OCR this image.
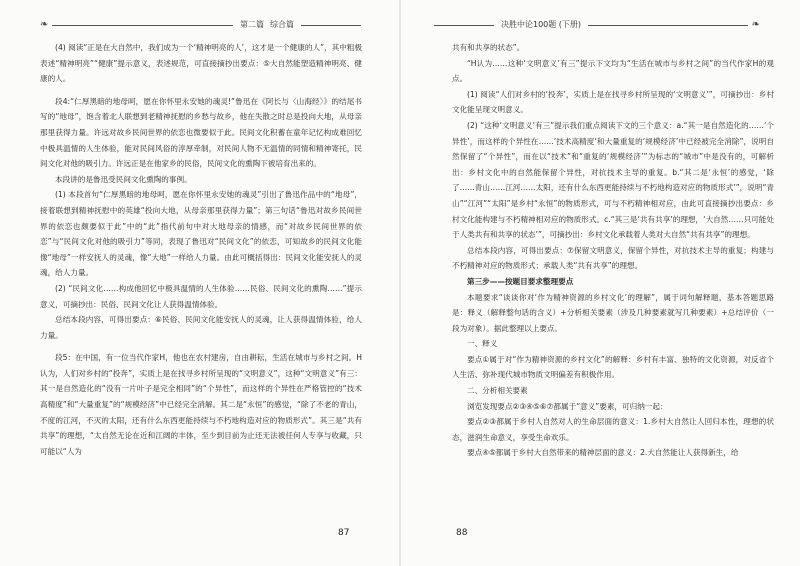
❧	第二篇 综合篇

(4) 阅读“正是在大自然中，我们成为一个‘精神明亮的人’，这才是一个健康的人”，其中粗极表述“精神明亮”“健康”提示意义，表述规范，可直接摘抄出要点：⑤大自然能塑造精神明亮、健康的人。

段4:“仁厚黑暗的地母呵，愿在你怀里永安她的魂灵!”鲁迅在《阿长与〈山海经〉》的结尾书写的“地母”，饱含着北人联想到老精神抚慰的乡愁与故乡，他在失散之时总是投向大地，从母亲那里获得力量。许远对故乡民间世界的依恋也微要似于此。民间文化积蓄在童年记忆构成难回忆中极具温情的人生体验，能对民间风俗的淳厚牵制，对民间人物不无温情的同情和精神寄托，民间文化对他的吸引力。许远正是在他家乡的民俗，民间文化的熏陶下被培育出来的。

本段讲的是鲁迅受民间文化熏陶的事例。

(1) 本段首句“仁厚黑暗的地母呵，愿在你怀里永安她的魂灵”引出了鲁迅作品中的“地母”，接着联想到精神抚慰中的英雄“投向大地，从母亲那里获得力量”；第三句话“鲁迅对故乡民间世界的依恋也颇要似于此”中的“此”指代前句中对大地母亲的情感，而“对故乡民间世界的依恋”与“民间文化对他的吸引力”等同，表现了鲁迅对“民间文化”的依恋，可知故乡的民间文化能像“地母”一样安抚人的灵魂，像“大地”一样给人力量。由此可概括得出：民间文化能安抚人的灵魂，给人力量。

(2) “民间文化……构成他回忆中极具温情的人生体验……民俗、民间文化的熏陶……”提示意义，可摘抄出：民俗、民间文化让人获得温情体验。

总结本段内容，可得出要点：⑥民俗、民间文化能安抚人的灵魂，让人获得温情体验，给人力量。

段5：在中国，有一位当代作家H，他也在农村建房，自由耕耘，生活在城市与乡村之间。H认为，人们对乡村的“投奔”，实质上是在找寻乡村所呈现的“文明意义”，这种“文明意义”有三：其一是自然造化的“没有一片叶子是完全相同”的“个异性”，而这样的个异性在严格管控的“技术高精度”和“大量重复”的“规模经济”中已经完全消解。其二是“永恒”的感觉，“除了不老的青山，不度的江河，不灭的太阳，还有什么东西更能持续与不朽地构造对应的物质形式”。其三是“共有共享”的理想，“太自然无论在近和江阔的丰体，至少到目前为止还无法被任何人专享与收藏，只可能以“人为

87
决胜中论100题 (下册)	❧

共有和共享的状态”。

“H认为……这种‘文明意义’有三”提示下文均为“生活在城市与乡村之间”的当代作家H的观点。

(1) 阅读“人们对乡村的‘投奔’，实质上是在找寻乡村所呈现的‘文明意义’”，可摘抄出：乡村文化能呈现文明意义。

(2) “这种‘文明意义’有三”提示我们重点阅读下文的三个意义：a.“其一是自然造化的……‘个异性’，而这样的个异性在……‘技术高精度’和大量重复的‘规模经济’中已经被完全消除”，说明自然保留了“个异性”，而在以“技术”和“重复的‘规模经济’”为标志的“城市”中是没有的，可解析出：乡村文化中的自然能保留个异性，对抗技术主导的重复。b.“其二是‘永恒’的感觉，‘除了……青山……江河……太阳，还有什么东西更能持续与不朽地构造对应的物质形式’”，说明“青山”“江河”“太阳”是乡村“永恒”的物质形式，可与不朽精神相对应，由此可直接摘抄出要点：乡村文化能构建与不朽精神相对应的物质形式。c.“其三是‘共有共享’的理想，‘大自然……只可能处于人类共有和共享的状态’”，可摘抄出：乡村文化承载着人类对大自然“共有共享”的理想。

总结本段内容，可得出要点：⑦保留文明意义，保留个异性，对抗技术主导的重复；构建与不朽精神对应的物质形式；承载人类“共有共享”的理想。

第三步——按题目要求整理要点

本题要求“谈谈你对‘作为精神资源的乡村文化’的理解”，属于词句解释题，基本答题思路是：释义（解释整句话的含义）+分析相关要素（涉及几种要素就写几种要素）+总结评价（一段为对象）。据此整理以上要点。

一、释义

要点①属于对“作为精神资源的乡村文化”的解释：乡村有丰富、独特的文化资源，对反省个人生活、弥补现代城市物质文明偏差有积极作用。

二、分析相关要素

浏览发现要点②③④⑤⑥⑦都属于“意义”要素，可归纳一起：

要点②③都属于乡村人自然对人的生命层面的意义：1.乡村大自然让人回归本性，理想的状态，滋润生命意义，享受生命欢乐。

要点④⑤都属于乡村大自然带来的精神层面的意义：2.大自然能让人获得新生，给

88
